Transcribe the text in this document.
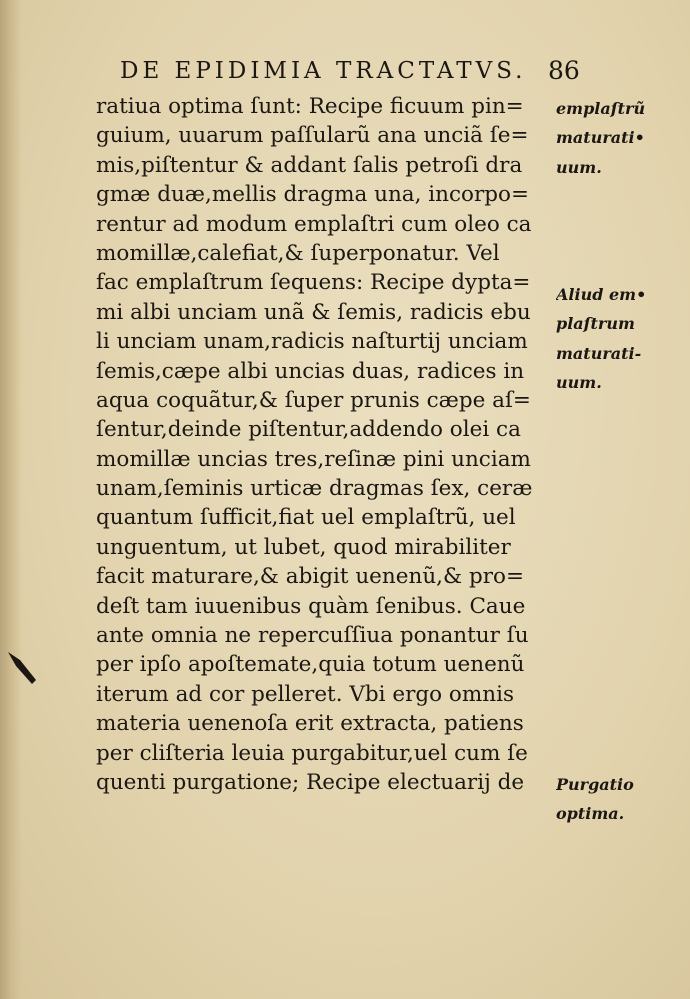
DE EPIDIMIA TRACTATVS. 86
ratiua optima ſunt: Recipe ficuum pin=
guium, uuarum paſſularũ ana unciã ſe=
mis,piſtentur & addant ſalis petroſi dra
gmæ duæ,mellis dragma una, incorpo=
rentur ad modum emplaſtri cum oleo ca
momillæ,calefiat,& ſuperponatur. Vel
fac emplaſtrum ſequens: Recipe dypta=
mi albi unciam unã & ſemis, radicis ebu
li unciam unam,radicis naſturtij unciam
ſemis,cæpe albi uncias duas, radices in
aqua coquãtur,& ſuper prunis cæpe aſ=
ſentur,deinde piſtentur,addendo olei ca
momillæ uncias tres,reſinæ pini unciam
unam,ſeminis urticæ dragmas ſex, ceræ
quantum ſufficit,fiat uel emplaſtrũ, uel
unguentum, ut lubet, quod mirabiliter
facit maturare,& abigit uenenũ,& pro=
deſt tam iuuenibus quàm ſenibus. Caue
ante omnia ne repercuſſiua ponantur ſu
per ipſo apoſtemate,quia totum uenenũ
iterum ad cor pelleret. Vbi ergo omnis
materia uenenoſa erit extracta, patiens
per cliſteria leuia purgabitur,uel cum ſe
quenti purgatione; Recipe electuarij de
emplaſtrũ
maturati•
uum.
Aliud em•
plaſtrum
maturati-
uum.
Purgatio
optima.
